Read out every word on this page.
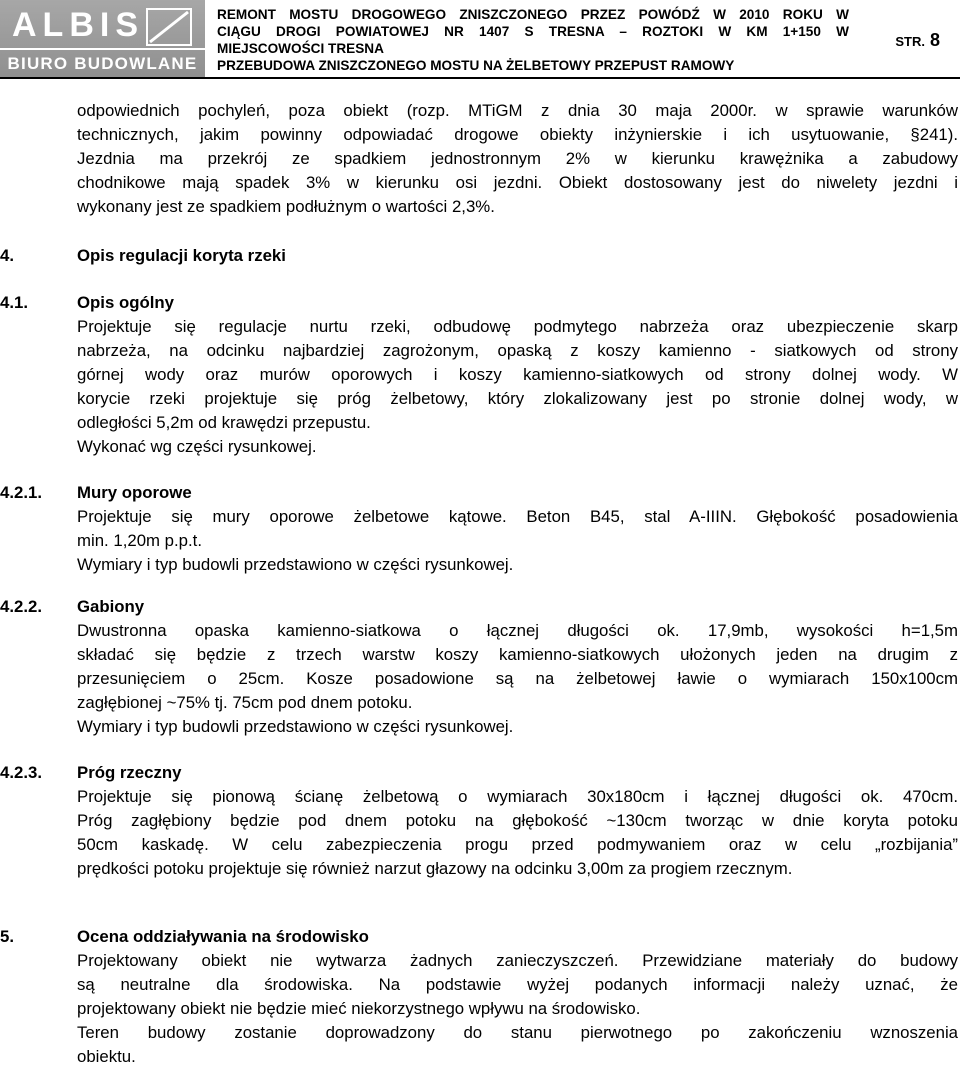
ALBIS
BIURO BUDOWLANE
REMONT MOSTU DROGOWEGO ZNISZCZONEGO PRZEZ POWÓDŹ W 2010 ROKU W
CIĄGU DROGI POWIATOWEJ NR 1407 S TRESNA – ROZTOKI W KM 1+150 W
MIEJSCOWOŚCI TRESNA
PRZEBUDOWA ZNISZCZONEGO MOSTU NA ŻELBETOWY PRZEPUST RAMOWY
STR. 8
odpowiednich pochyleń, poza obiekt (rozp. MTiGM z dnia 30 maja 2000r. w sprawie warunków
technicznych, jakim powinny odpowiadać drogowe obiekty inżynierskie i ich usytuowanie, §241).
Jezdnia ma przekrój ze spadkiem jednostronnym 2% w kierunku krawężnika a zabudowy
chodnikowe mają spadek 3% w kierunku osi jezdni. Obiekt dostosowany jest do niwelety jezdni i
wykonany jest ze spadkiem podłużnym o wartości 2,3%.
4.	Opis regulacji koryta rzeki
4.1.	Opis ogólny
Projektuje się regulacje nurtu rzeki, odbudowę podmytego nabrzeża oraz ubezpieczenie skarp
nabrzeża, na odcinku najbardziej zagrożonym, opaską z koszy kamienno - siatkowych od strony
górnej wody oraz murów oporowych i koszy kamienno-siatkowych od strony dolnej wody. W
korycie rzeki projektuje się próg żelbetowy, który zlokalizowany jest po stronie dolnej wody, w
odległości 5,2m od krawędzi przepustu.
Wykonać wg części rysunkowej.
4.2.1. Mury oporowe
Projektuje się mury oporowe żelbetowe kątowe. Beton B45, stal A-IIIN. Głębokość posadowienia
min. 1,20m p.p.t.
Wymiary i typ budowli przedstawiono w części rysunkowej.
4.2.2. Gabiony
Dwustronna opaska kamienno-siatkowa o łącznej długości ok. 17,9mb, wysokości h=1,5m
składać się będzie z trzech warstw koszy kamienno-siatkowych ułożonych jeden na drugim z
przesunięciem o 25cm. Kosze posadowione są na żelbetowej ławie o wymiarach 150x100cm
zagłębionej ~75% tj. 75cm pod dnem potoku.
Wymiary i typ budowli przedstawiono w części rysunkowej.
4.2.3. Próg rzeczny
Projektuje się pionową ścianę żelbetową o wymiarach 30x180cm i łącznej długości ok. 470cm.
Próg zagłębiony będzie pod dnem potoku na głębokość ~130cm tworząc w dnie koryta potoku
50cm kaskadę. W celu zabezpieczenia progu przed podmywaniem oraz w celu „rozbijania”
prędkości potoku projektuje się również narzut głazowy na odcinku 3,00m za progiem rzecznym.
5.	Ocena oddziaływania na środowisko
Projektowany obiekt nie wytwarza żadnych zanieczyszczeń. Przewidziane materiały do budowy
są neutralne dla środowiska. Na podstawie wyżej podanych informacji należy uznać, że
projektowany obiekt nie będzie mieć niekorzystnego wpływu na środowisko.
Teren budowy zostanie doprowadzony do stanu pierwotnego po zakończeniu wznoszenia
obiektu.
